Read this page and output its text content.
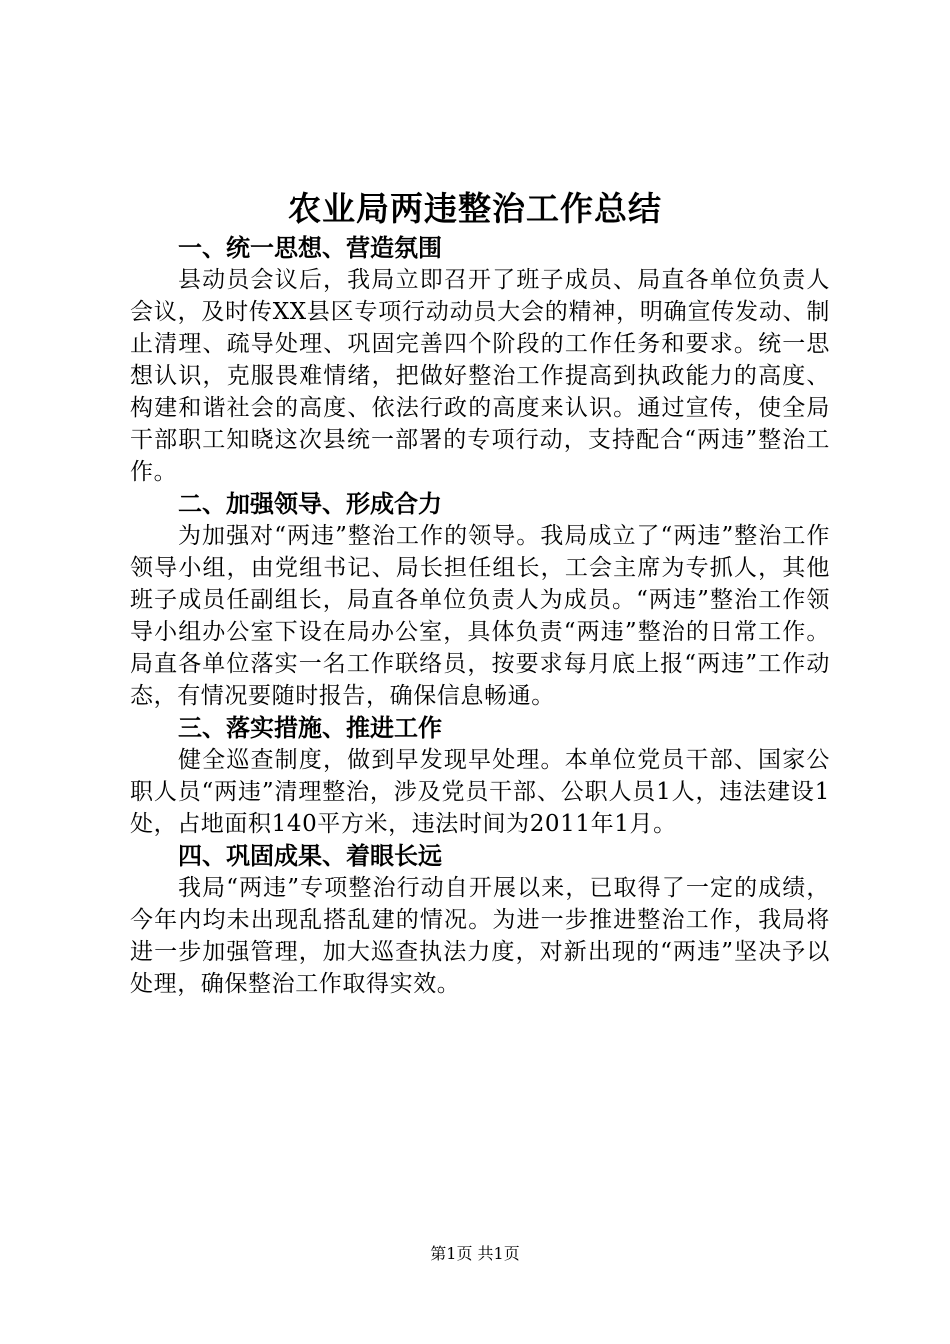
农业局两违整治工作总结

一、统一思想、营造氛围

县动员会议后，我局立即召开了班子成员、局直各单位负责人会议，及时传XX县区专项行动动员大会的精神，明确宣传发动、制止清理、疏导处理、巩固完善四个阶段的工作任务和要求。统一思想认识，克服畏难情绪，把做好整治工作提高到执政能力的高度、构建和谐社会的高度、依法行政的高度来认识。通过宣传，使全局干部职工知晓这次县统一部署的专项行动，支持配合“两违”整治工作。

二、加强领导、形成合力

为加强对“两违”整治工作的领导。我局成立了“两违”整治工作领导小组，由党组书记、局长担任组长，工会主席为专抓人，其他班子成员任副组长，局直各单位负责人为成员。“两违”整治工作领导小组办公室下设在局办公室，具体负责“两违”整治的日常工作。局直各单位落实一名工作联络员，按要求每月底上报“两违”工作动态，有情况要随时报告，确保信息畅通。

三、落实措施、推进工作

健全巡查制度，做到早发现早处理。本单位党员干部、国家公职人员“两违”清理整治，涉及党员干部、公职人员1人，违法建设1处，占地面积140平方米，违法时间为2011年1月。

四、巩固成果、着眼长远

我局“两违”专项整治行动自开展以来，已取得了一定的成绩，今年内均未出现乱搭乱建的情况。为进一步推进整治工作，我局将进一步加强管理，加大巡查执法力度，对新出现的“两违”坚决予以处理，确保整治工作取得实效。

第1页 共1页
